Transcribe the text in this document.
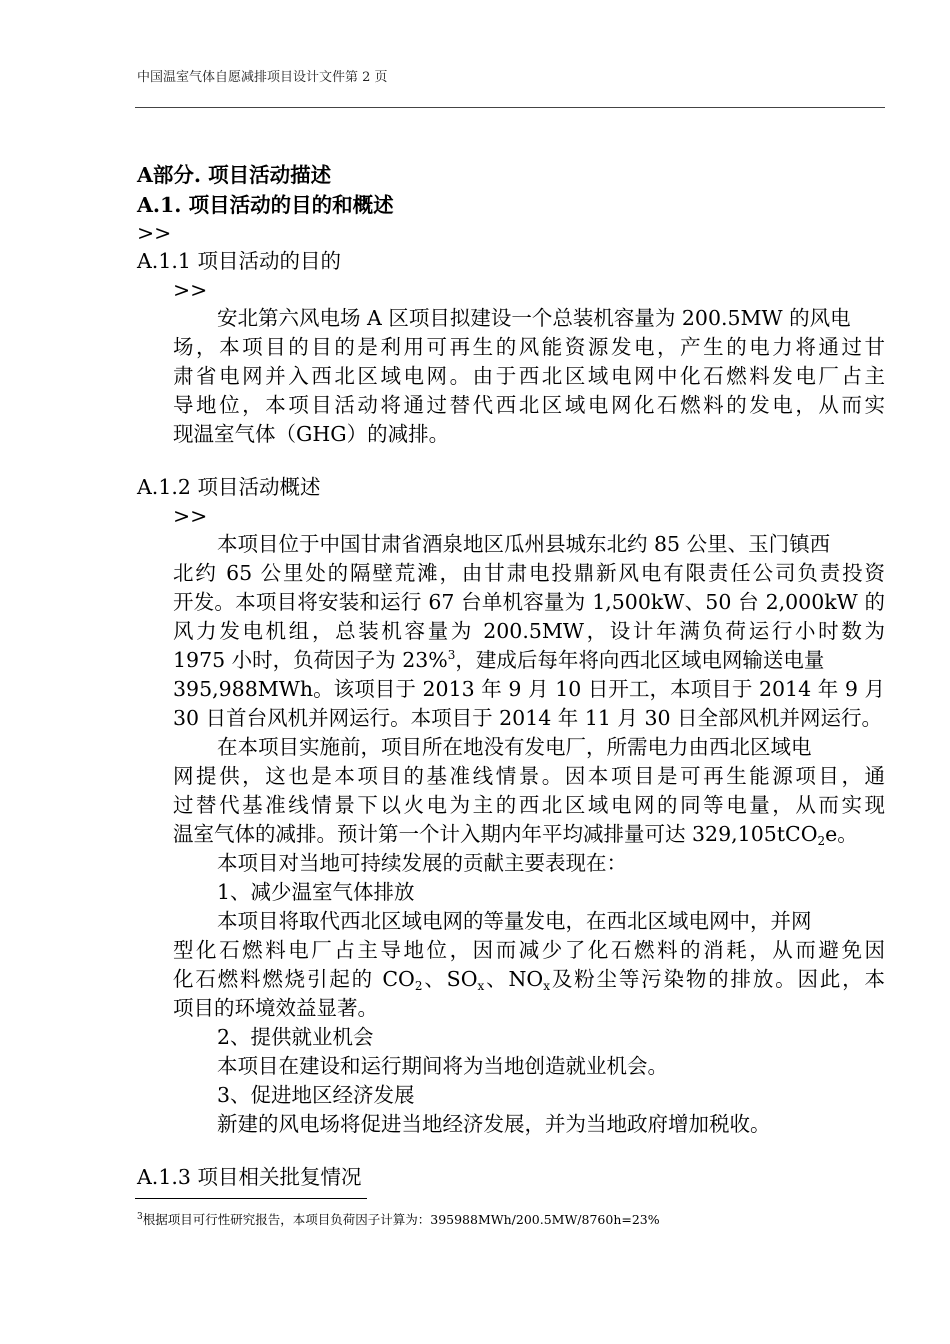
中国温室气体自愿减排项目设计文件第 2 页
A部分. 项目活动描述
A.1. 项目活动的目的和概述
>>
A.1.1 项目活动的目的
>>
安北第六风电场 A 区项目拟建设一个总装机容量为 200.5MW 的风电
场，本项目的目的是利用可再生的风能资源发电，产生的电力将通过甘
肃省电网并入西北区域电网。由于西北区域电网中化石燃料发电厂占主
导地位，本项目活动将通过替代西北区域电网化石燃料的发电，从而实
现温室气体（GHG）的减排。
A.1.2 项目活动概述
>>
本项目位于中国甘肃省酒泉地区瓜州县城东北约 85 公里、玉门镇西
北约 65 公里处的隔壁荒滩，由甘肃电投鼎新风电有限责任公司负责投资
开发。本项目将安装和运行 67 台单机容量为 1,500kW、50 台 2,000kW 的
风力发电机组，总装机容量为 200.5MW，设计年满负荷运行小时数为
1975 小时，负荷因子为 23%$^3$，建成后每年将向西北区域电网输送电量
395,988MWh。该项目于 2013 年 9 月 10 日开工，本项目于 2014 年 9 月
30 日首台风机并网运行。本项目于 2014 年 11 月 30 日全部风机并网运行。
在本项目实施前，项目所在地没有发电厂，所需电力由西北区域电
网提供，这也是本项目的基准线情景。因本项目是可再生能源项目，通
过替代基准线情景下以火电为主的西北区域电网的同等电量，从而实现
温室气体的减排。预计第一个计入期内年平均减排量可达 329,105tCO$_2$e。
本项目对当地可持续发展的贡献主要表现在：
1、减少温室气体排放
本项目将取代西北区域电网的等量发电，在西北区域电网中，并网
型化石燃料电厂占主导地位，因而减少了化石燃料的消耗，从而避免因
化石燃料燃烧引起的 $CO_2$、$SO_x$、$NO_x$及粉尘等污染物的排放。因此，本
项目的环境效益显著。
2、提供就业机会
本项目在建设和运行期间将为当地创造就业机会。
3、促进地区经济发展
新建的风电场将促进当地经济发展，并为当地政府增加税收。
A.1.3 项目相关批复情况
$^3$根据项目可行性研究报告，本项目负荷因子计算为：395988MWh/200.5MW/8760h=23%
